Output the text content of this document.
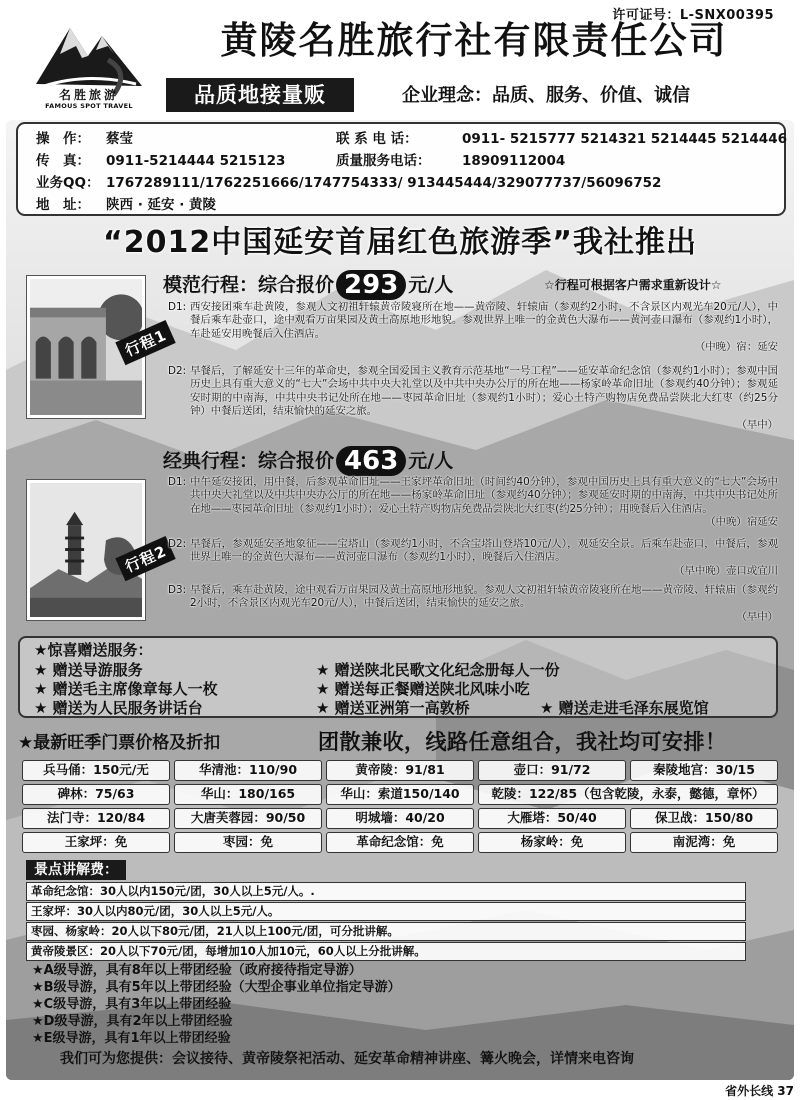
许可证号：L-SNX00395
名胜旅游
FAMOUS SPOT TRAVEL
黄陵名胜旅行社有限责任公司
品质地接量贩	企业理念：品质、服务、价值、诚信
操　作： 蔡莹	联 系 电 话：	0911- 5215777 5214321 5214445 5214446
传　真： 0911-5214444 5215123	质量服务电话： 18909112004
业务QQ： 1767289111/1762251666/1747754333/ 913445444/329077737/56096752
地　址： 陕西 · 延安 · 黄陵
“2012中国延安首届红色旅游季”我社推出
行程1
模范行程：综合报价 293 元/人	☆行程可根据客户需求重新设计☆
D1: 西安接团乘车赴黄陵，参观人文初祖轩辕黄帝陵寝所在地——黄帝陵、轩辕庙（参观约2小时，不含景区内观光车20元/人），中餐后乘车赴壶口，途中观看万亩果园及黄土高原地形地貌。参观世界上唯一的金黄色大瀑布——黄河壶口瀑布（参观约1小时），车赴延安用晚餐后入住酒店。
（中晚）宿：延安
D2: 早餐后，了解延安十三年的革命史，参观全国爱国主义教育示范基地“一号工程”——延安革命纪念馆（参观约1小时）；参观中国历史上具有重大意义的“七大”会场中共中央大礼堂以及中共中央办公厅的所在地——杨家岭革命旧址（参观约40分钟）；参观延安时期的中南海，中共中央书记处所在地——枣园革命旧址（参观约1小时）；爱心土特产购物店免费品尝陕北大红枣（约25分钟）中餐后送团，结束愉快的延安之旅。
（早中）
行程2
经典行程：综合报价 463 元/人
D1: 中午延安接团，用中餐，后参观革命旧址——王家坪革命旧址（时间约40分钟），参观中国历史上具有重大意义的“七大”会场中共中央大礼堂以及中共中央办公厅的所在地——杨家岭革命旧址（参观约40分钟）；参观延安时期的中南海，中共中央书记处所在地——枣园革命旧址（参观约1小时）；爱心土特产购物店免费品尝陕北大红枣(约25分钟）；用晚餐后入住酒店。
（中晚）宿延安
D2: 早餐后，参观延安圣地象征——宝塔山（参观约1小时，不含宝塔山登塔10元/人），观延安全景。后乘车赴壶口，中餐后，参观世界上唯一的金黄色大瀑布——黄河壶口瀑布（参观约1小时），晚餐后入住酒店。
（早中晚）壶口或宜川
D3: 早餐后，乘车赴黄陵，途中观看万亩果园及黄土高原地形地貌。参观人文初祖轩辕黄帝陵寝所在地——黄帝陵、轩辕庙（参观约2小时，不含景区内观光车20元/人），中餐后送团，结束愉快的延安之旅。
（早中）
★惊喜赠送服务：
★ 赠送导游服务	★ 赠送陕北民歌文化纪念册每人一份
★ 赠送毛主席像章每人一枚	★ 赠送每正餐赠送陕北风味小吃
★ 赠送为人民服务讲话台	★ 赠送亚洲第一高敦桥	★ 赠送走进毛泽东展览馆
★最新旺季门票价格及折扣	团散兼收，线路任意组合，我社均可安排！
兵马俑：150元/无	华清池：110/90	黄帝陵：91/81	壶口：91/72	秦陵地宫：30/15
碑林：75/63	华山：180/165	华山：索道150/140	乾陵：122/85（包含乾陵，永泰，懿德，章怀）
法门寺：120/84	大唐芙蓉园：90/50	明城墙：40/20	大雁塔：50/40	保卫战：150/80
王家坪：免	枣园：免	革命纪念馆：免	杨家岭：免	南泥湾：免
景点讲解费：
革命纪念馆：30人以内150元/团，30人以上5元/人。.
王家坪：30人以内80元/团，30人以上5元/人。
枣园、杨家岭：20人以下80元/团，21人以上100元/团，可分批讲解。
黄帝陵景区：20人以下70元/团，每增加10人加10元，60人以上分批讲解。
★A级导游，具有8年以上带团经验（政府接待指定导游）
★B级导游，具有5年以上带团经验（大型企事业单位指定导游）
★C级导游，具有3年以上带团经验
★D级导游，具有2年以上带团经验
★E级导游，具有1年以上带团经验
我们可为您提供：会议接待、黄帝陵祭祀活动、延安革命精神讲座、篝火晚会，详情来电咨询
省外长线 37
